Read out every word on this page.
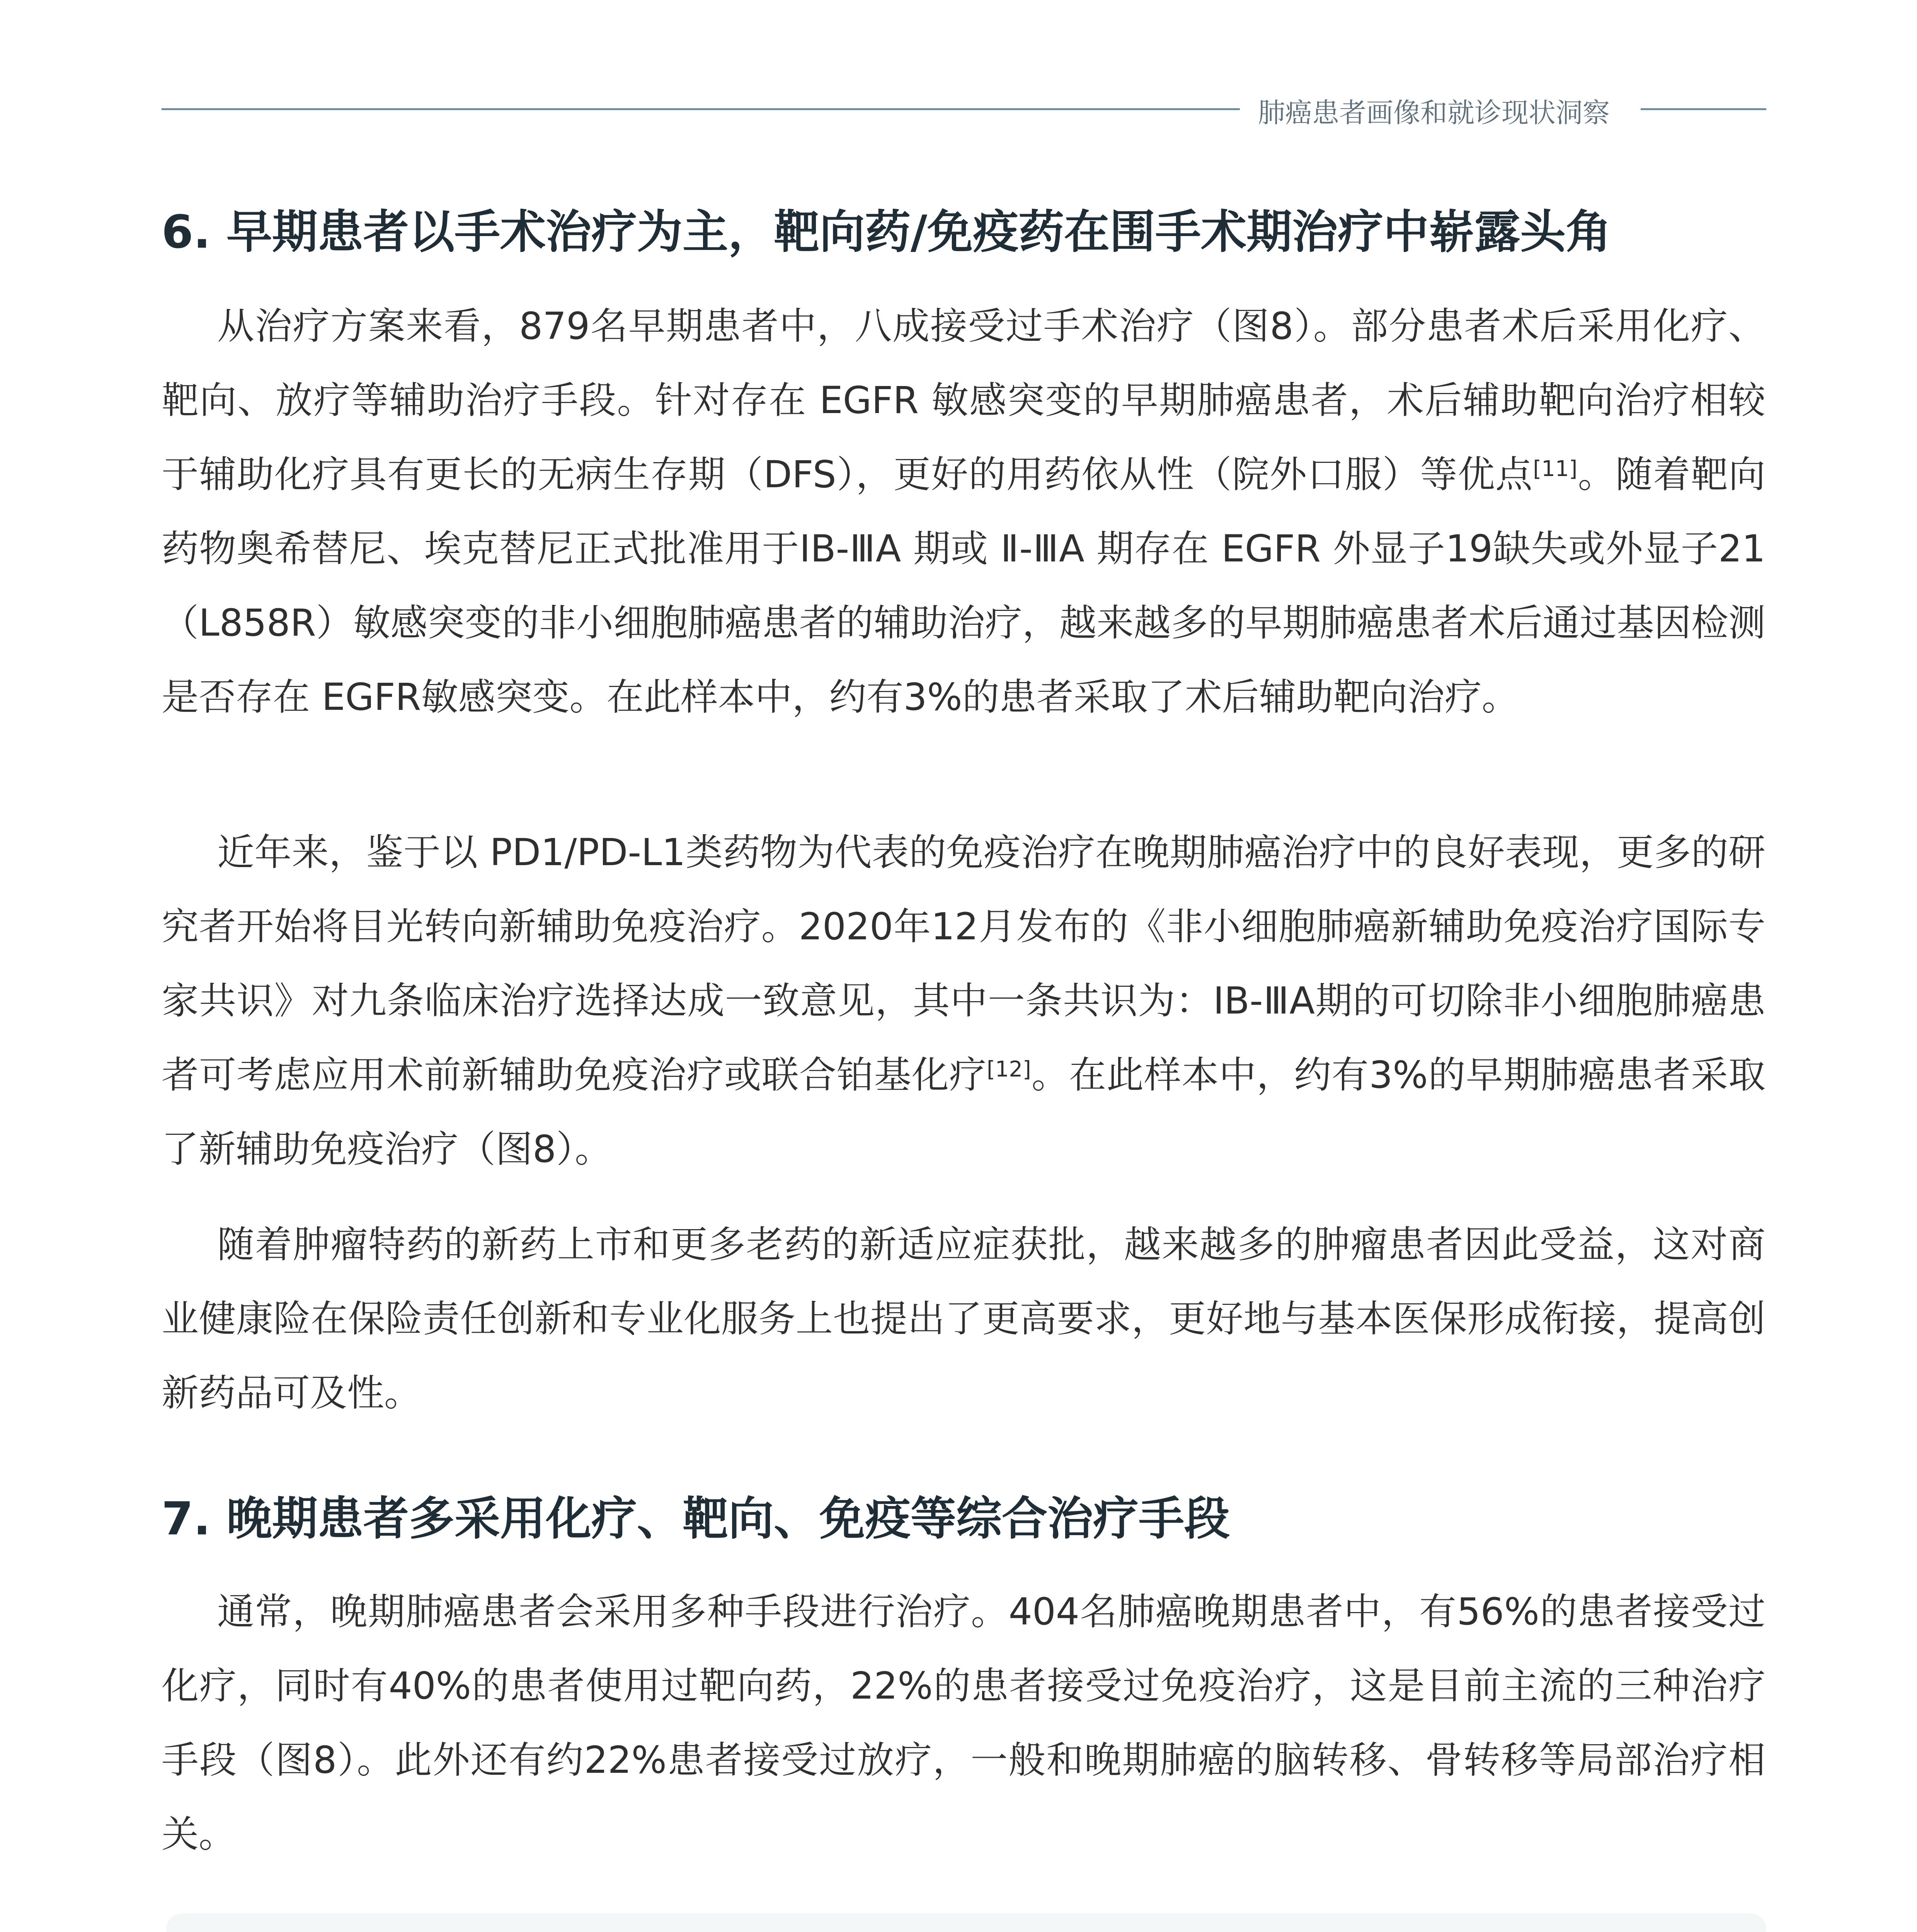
肺癌患者画像和就诊现状洞察
6. 早期患者以手术治疗为主，靶向药/免疫药在围手术期治疗中崭露头角

从治疗方案来看，879名早期患者中，八成接受过手术治疗（图8）。部分患者术后采用化疗、靶向、放疗等辅助治疗手段。针对存在 EGFR 敏感突变的早期肺癌患者，术后辅助靶向治疗相较于辅助化疗具有更长的无病生存期（DFS），更好的用药依从性（院外口服）等优点[11]。随着靶向药物奥希替尼、埃克替尼正式批准用于IB-ⅢA 期或 Ⅱ-ⅢA 期存在 EGFR 外显子19缺失或外显子21（L858R）敏感突变的非小细胞肺癌患者的辅助治疗，越来越多的早期肺癌患者术后通过基因检测是否存在 EGFR敏感突变。在此样本中，约有3%的患者采取了术后辅助靶向治疗。

近年来，鉴于以 PD1/PD-L1类药物为代表的免疫治疗在晚期肺癌治疗中的良好表现，更多的研究者开始将目光转向新辅助免疫治疗。2020年12月发布的《非小细胞肺癌新辅助免疫治疗国际专家共识》对九条临床治疗选择达成一致意见，其中一条共识为：IB-ⅢA期的可切除非小细胞肺癌患者可考虑应用术前新辅助免疫治疗或联合铂基化疗[12]。在此样本中，约有3%的早期肺癌患者采取了新辅助免疫治疗（图8）。

随着肿瘤特药的新药上市和更多老药的新适应症获批，越来越多的肿瘤患者因此受益，这对商业健康险在保险责任创新和专业化服务上也提出了更高要求，更好地与基本医保形成衔接，提高创新药品可及性。

7. 晚期患者多采用化疗、靶向、免疫等综合治疗手段

通常，晚期肺癌患者会采用多种手段进行治疗。404名肺癌晚期患者中，有56%的患者接受过化疗，同时有40%的患者使用过靶向药，22%的患者接受过免疫治疗，这是目前主流的三种治疗手段（图8）。此外还有约22%患者接受过放疗，一般和晚期肺癌的脑转移、骨转移等局部治疗相关。
